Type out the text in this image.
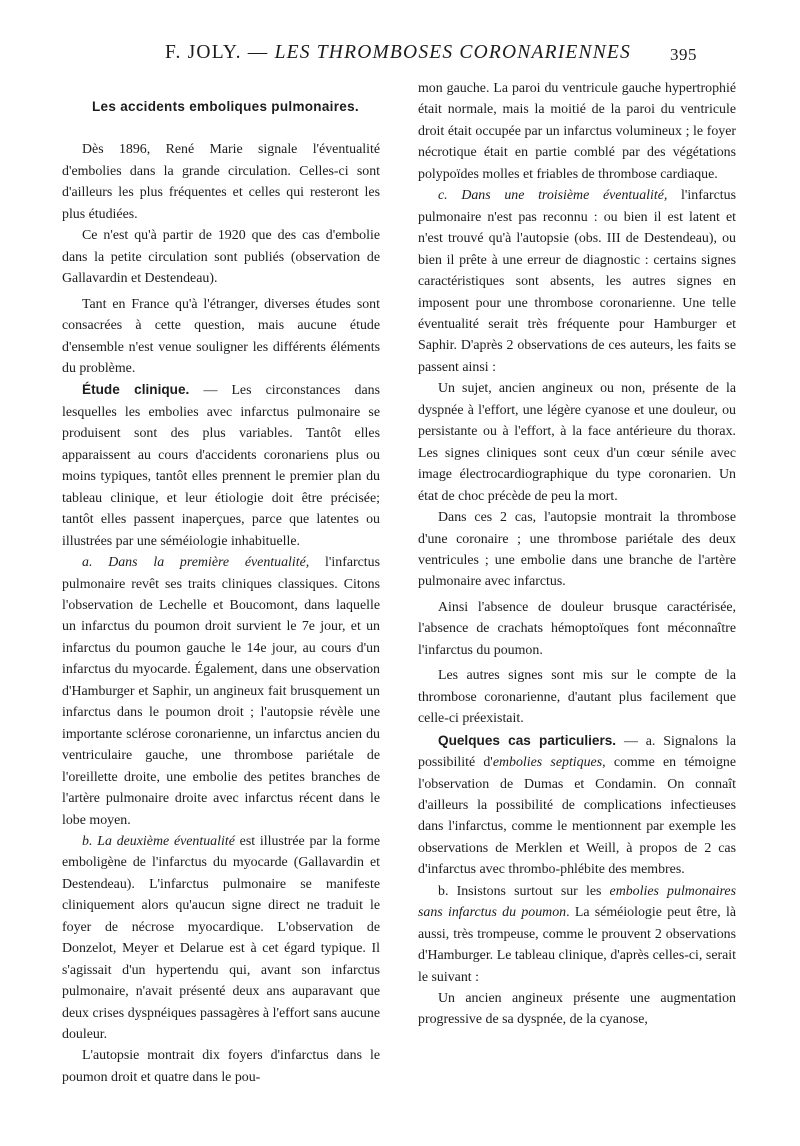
F. JOLY. — LES THROMBOSES CORONARIENNES 395
Les accidents emboliques pulmonaires.

Dès 1896, René Marie signale l'éventualité d'embolies dans la grande circulation. Celles-ci sont d'ailleurs les plus fréquentes et celles qui resteront les plus étudiées.

Ce n'est qu'à partir de 1920 que des cas d'embolie dans la petite circulation sont publiés (observation de Gallavardin et Destendeau).

Tant en France qu'à l'étranger, diverses études sont consacrées à cette question, mais aucune étude d'ensemble n'est venue souligner les différents éléments du problème.

Étude clinique. — Les circonstances dans lesquelles les embolies avec infarctus pulmonaire se produisent sont des plus variables. Tantôt elles apparaissent au cours d'accidents coronariens plus ou moins typiques, tantôt elles prennent le premier plan du tableau clinique, et leur étiologie doit être précisée; tantôt elles passent inaperçues, parce que latentes ou illustrées par une séméiologie inhabituelle.

a. Dans la première éventualité, l'infarctus pulmonaire revêt ses traits cliniques classiques. Citons l'observation de Lechelle et Boucomont, dans laquelle un infarctus du poumon droit survient le 7e jour, et un infarctus du poumon gauche le 14e jour, au cours d'un infarctus du myocarde. Également, dans une observation d'Hamburger et Saphir, un angineux fait brusquement un infarctus dans le poumon droit ; l'autopsie révèle une importante sclérose coronarienne, un infarctus ancien du ventriculaire gauche, une thrombose pariétale de l'oreillette droite, une embolie des petites branches de l'artère pulmonaire droite avec infarctus récent dans le lobe moyen.

b. La deuxième éventualité est illustrée par la forme emboligène de l'infarctus du myocarde (Gallavardin et Destendeau). L'infarctus pulmonaire se manifeste cliniquement alors qu'aucun signe direct ne traduit le foyer de nécrose myocardique. L'observation de Donzelot, Meyer et Delarue est à cet égard typique. Il s'agissait d'un hypertendu qui, avant son infarctus pulmonaire, n'avait présenté deux ans auparavant que deux crises dyspnéiques passagères à l'effort sans aucune douleur.

L'autopsie montrait dix foyers d'infarctus dans le poumon droit et quatre dans le pou-

mon gauche. La paroi du ventricule gauche hypertrophié était normale, mais la moitié de la paroi du ventricule droit était occupée par un infarctus volumineux ; le foyer nécrotique était en partie comblé par des végétations polypoïdes molles et friables de thrombose cardiaque.

c. Dans une troisième éventualité, l'infarctus pulmonaire n'est pas reconnu : ou bien il est latent et n'est trouvé qu'à l'autopsie (obs. III de Destendeau), ou bien il prête à une erreur de diagnostic : certains signes caractéristiques sont absents, les autres signes en imposent pour une thrombose coronarienne. Une telle éventualité serait très fréquente pour Hamburger et Saphir. D'après 2 observations de ces auteurs, les faits se passent ainsi :

Un sujet, ancien angineux ou non, présente de la dyspnée à l'effort, une légère cyanose et une douleur, ou persistante ou à l'effort, à la face antérieure du thorax. Les signes cliniques sont ceux d'un cœur sénile avec image électrocardiographique du type coronarien. Un état de choc précède de peu la mort.

Dans ces 2 cas, l'autopsie montrait la thrombose d'une coronaire ; une thrombose pariétale des deux ventricules ; une embolie dans une branche de l'artère pulmonaire avec infarctus.

Ainsi l'absence de douleur brusque caractérisée, l'absence de crachats hémoptoïques font méconnaître l'infarctus du poumon.

Les autres signes sont mis sur le compte de la thrombose coronarienne, d'autant plus facilement que celle-ci préexistait.

Quelques cas particuliers. — a. Signalons la possibilité d'embolies septiques, comme en témoigne l'observation de Dumas et Condamin. On connaît d'ailleurs la possibilité de complications infectieuses dans l'infarctus, comme le mentionnent par exemple les observations de Merklen et Weill, à propos de 2 cas d'infarctus avec thrombo-phlébite des membres.

b. Insistons surtout sur les embolies pulmonaires sans infarctus du poumon. La séméiologie peut être, là aussi, très trompeuse, comme le prouvent 2 observations d'Hamburger. Le tableau clinique, d'après celles-ci, serait le suivant :

Un ancien angineux présente une augmentation progressive de sa dyspnée, de la cyanose,
